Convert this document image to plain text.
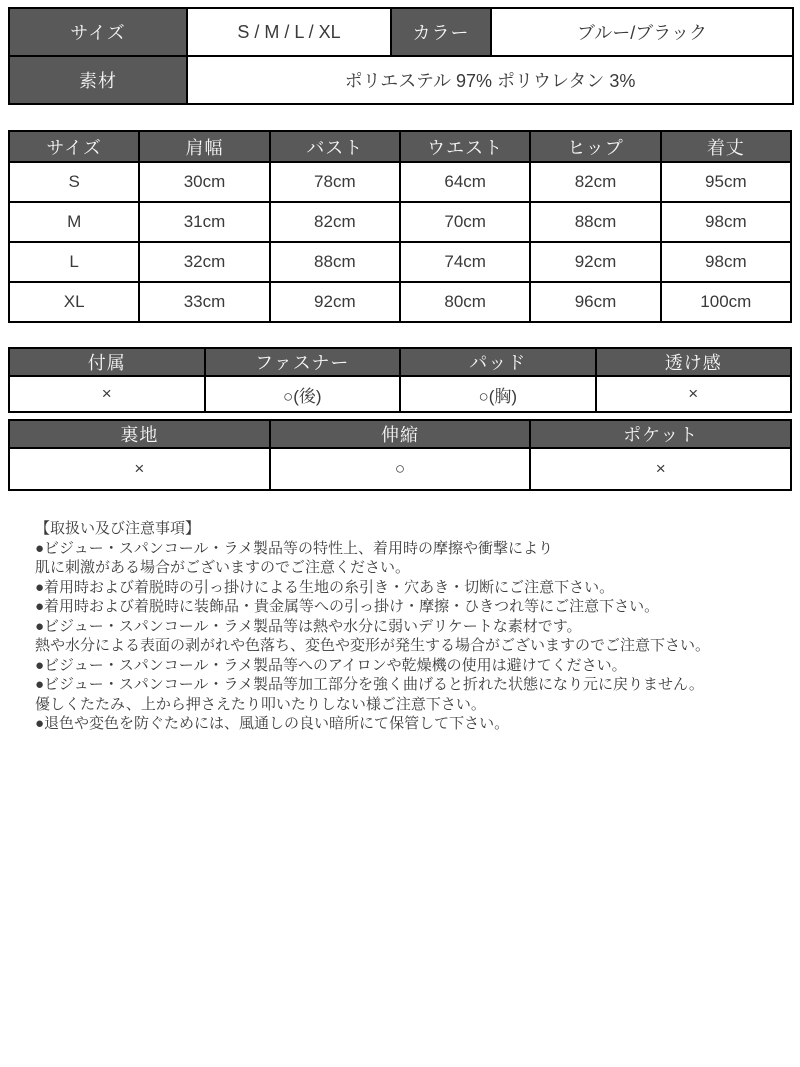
サイズ	S / M / L / XL	カラー	ブルー/ブラック
素材	ポリエステル 97% ポリウレタン 3%		
サイズ	肩幅	バスト	ウエスト	ヒップ	着丈
S	30cm	78cm	64cm	82cm	95cm
M	31cm	82cm	70cm	88cm	98cm
L	32cm	88cm	74cm	92cm	98cm
XL	33cm	92cm	80cm	96cm	100cm
付属	ファスナー	パッド	透け感
×	○(後)	○(胸)	×
裏地	伸縮	ポケット
×	○	×
【取扱い及び注意事項】
●ビジュー・スパンコール・ラメ製品等の特性上、着用時の摩擦や衝撃により
肌に刺激がある場合がございますのでご注意ください。
●着用時および着脱時の引っ掛けによる生地の糸引き・穴あき・切断にご注意下さい。
●着用時および着脱時に装飾品・貴金属等への引っ掛け・摩擦・ひきつれ等にご注意下さい。
●ビジュー・スパンコール・ラメ製品等は熱や水分に弱いデリケートな素材です。
熱や水分による表面の剥がれや色落ち、変色や変形が発生する場合がございますのでご注意下さい。
●ビジュー・スパンコール・ラメ製品等へのアイロンや乾燥機の使用は避けてください。
●ビジュー・スパンコール・ラメ製品等加工部分を強く曲げると折れた状態になり元に戻りません。
優しくたたみ、上から押さえたり叩いたりしない様ご注意下さい。
●退色や変色を防ぐためには、風通しの良い暗所にて保管して下さい。
